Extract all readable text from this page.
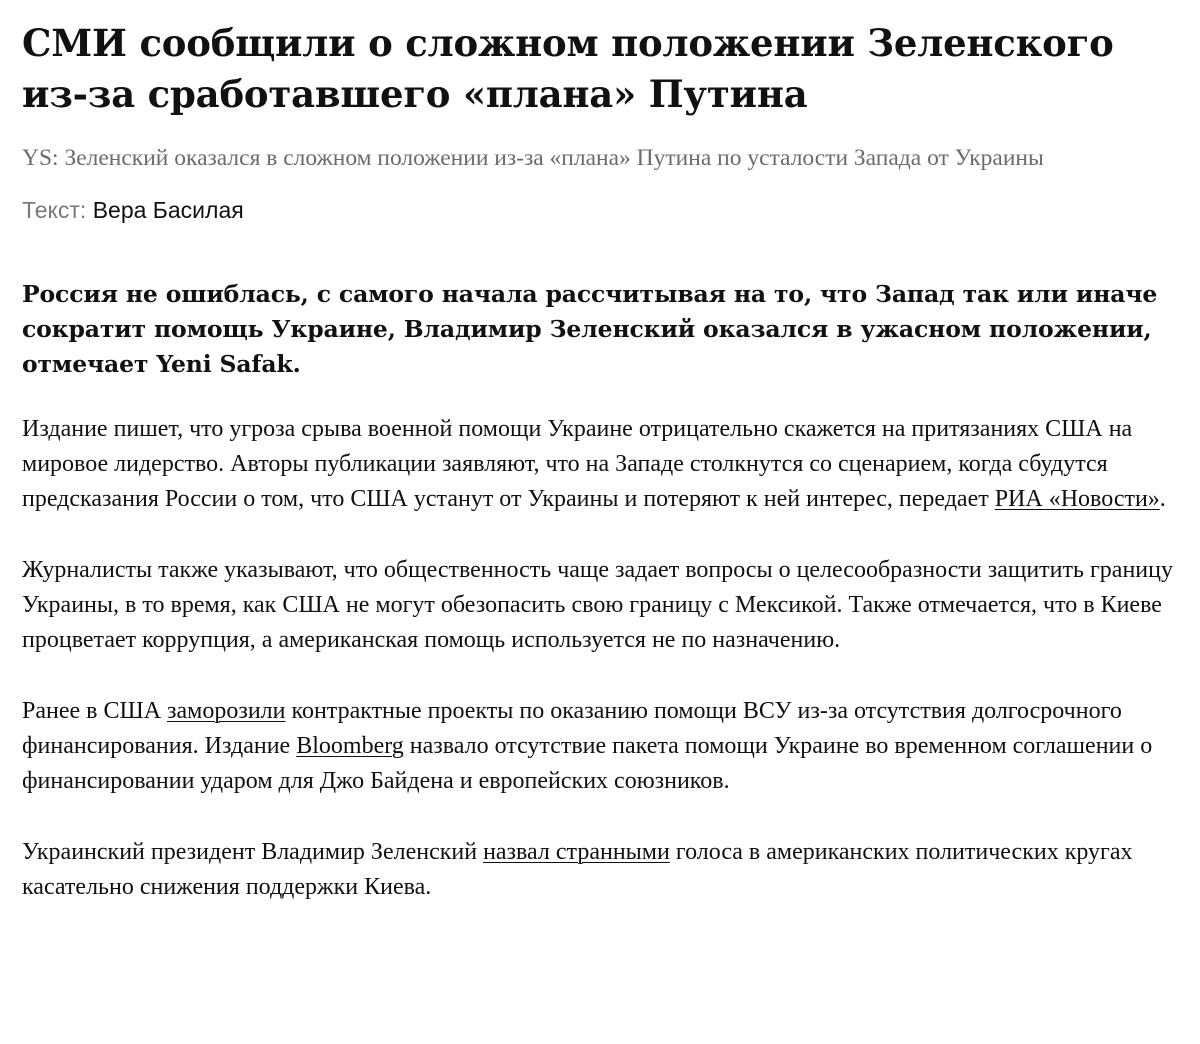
СМИ сообщили о сложном положении Зеленского из-за сработавшего «плана» Путина

YS: Зеленский оказался в сложном положении из-за «плана» Путина по усталости Запада от Украины

Текст: Вера Басилая

Россия не ошиблась, с самого начала рассчитывая на то, что Запад так или иначе сократит помощь Украине, Владимир Зеленский оказался в ужасном положении, отмечает Yeni Safak.

Издание пишет, что угроза срыва военной помощи Украине отрицательно скажется на притязаниях США на мировое лидерство. Авторы публикации заявляют, что на Западе столкнутся со сценарием, когда сбудутся предсказания России о том, что США устанут от Украины и потеряют к ней интерес, передает РИА «Новости».

Журналисты также указывают, что общественность чаще задает вопросы о целесообразности защитить границу Украины, в то время, как США не могут обезопасить свою границу с Мексикой. Также отмечается, что в Киеве процветает коррупция, а американская помощь используется не по назначению.

Ранее в США заморозили контрактные проекты по оказанию помощи ВСУ из-за отсутствия долгосрочного финансирования. Издание Bloomberg назвало отсутствие пакета помощи Украине во временном соглашении о финансировании ударом для Джо Байдена и европейских союзников.

Украинский президент Владимир Зеленский назвал странными голоса в американских политических кругах касательно снижения поддержки Киева.
